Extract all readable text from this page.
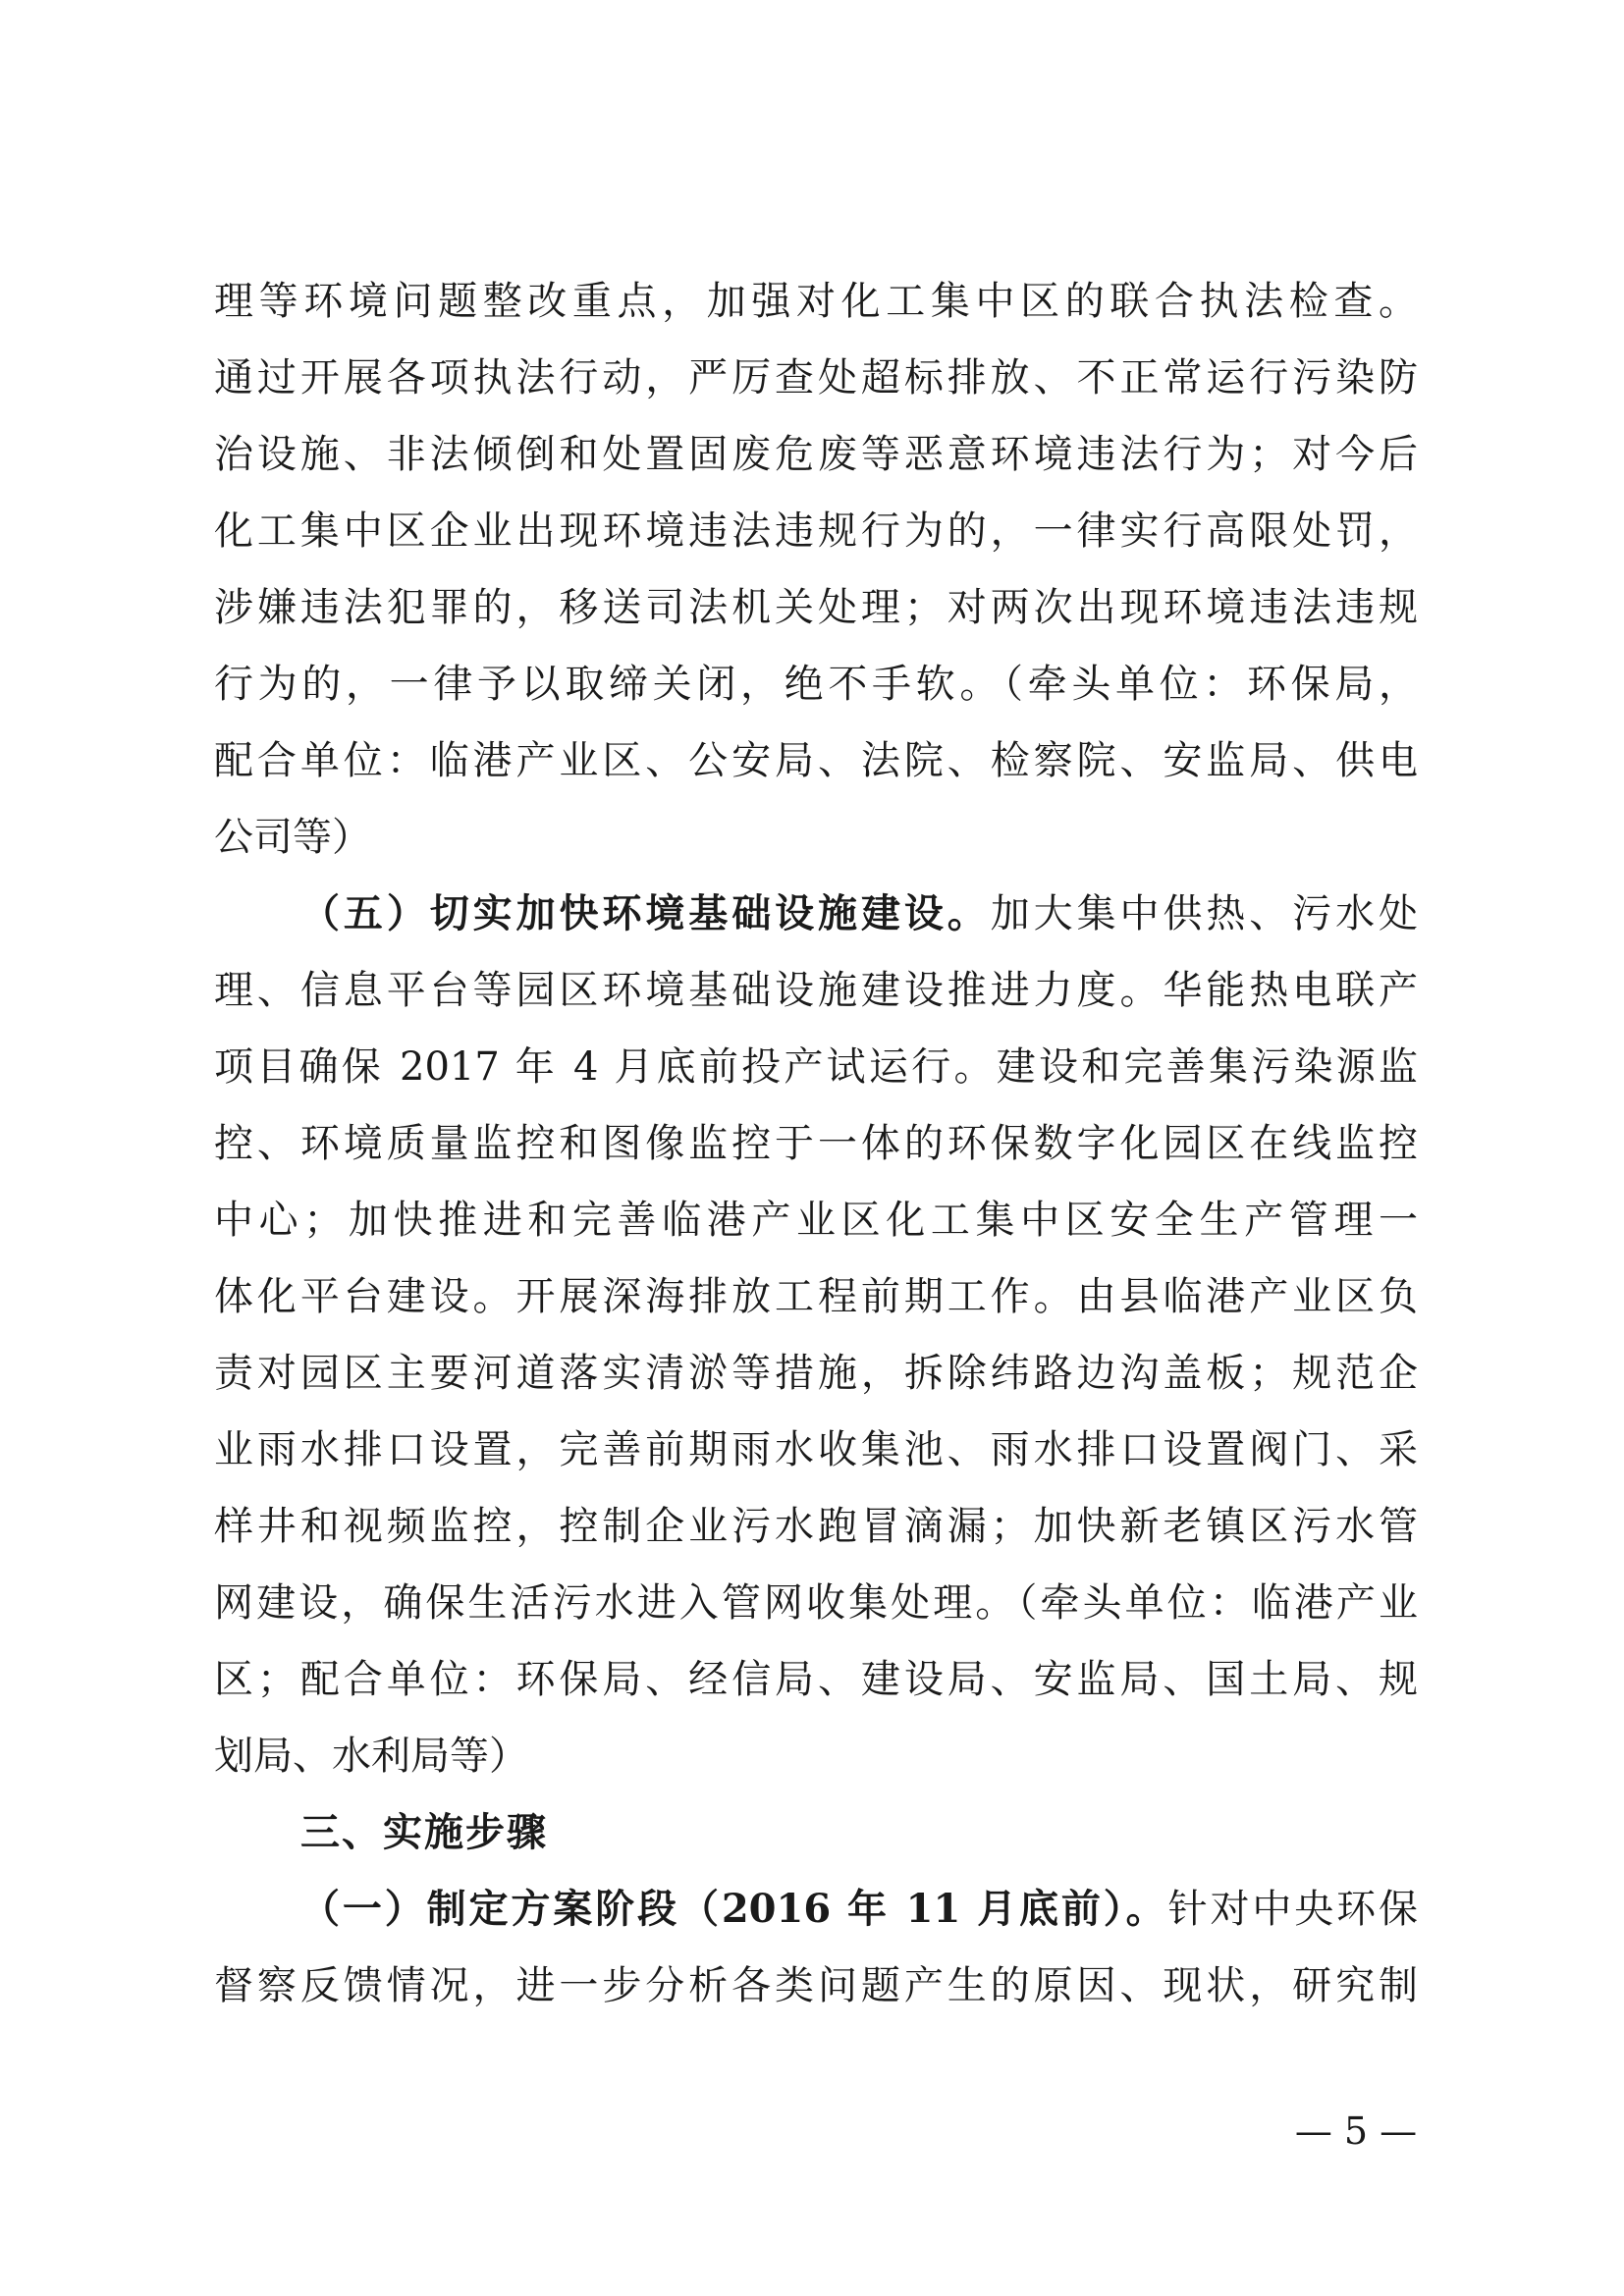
理等环境问题整改重点，加强对化工集中区的联合执法检查。
通过开展各项执法行动，严厉查处超标排放、不正常运行污染防
治设施、非法倾倒和处置固废危废等恶意环境违法行为；对今后
化工集中区企业出现环境违法违规行为的，一律实行高限处罚，
涉嫌违法犯罪的，移送司法机关处理；对两次出现环境违法违规
行为的，一律予以取缔关闭，绝不手软。（牵头单位：环保局，
配合单位：临港产业区、公安局、法院、检察院、安监局、供电
公司等）
（五）切实加快环境基础设施建设。加大集中供热、污水处
理、信息平台等园区环境基础设施建设推进力度。华能热电联产
项目确保 2017 年 4 月底前投产试运行。建设和完善集污染源监
控、环境质量监控和图像监控于一体的环保数字化园区在线监控
中心；加快推进和完善临港产业区化工集中区安全生产管理一
体化平台建设。开展深海排放工程前期工作。由县临港产业区负
责对园区主要河道落实清淤等措施，拆除纬路边沟盖板；规范企
业雨水排口设置，完善前期雨水收集池、雨水排口设置阀门、采
样井和视频监控，控制企业污水跑冒滴漏；加快新老镇区污水管
网建设，确保生活污水进入管网收集处理。（牵头单位：临港产业
区；配合单位：环保局、经信局、建设局、安监局、国土局、规
划局、水利局等）
三、实施步骤
（一）制定方案阶段（2016 年 11 月底前）。针对中央环保
督察反馈情况，进一步分析各类问题产生的原因、现状，研究制
— 5 —
